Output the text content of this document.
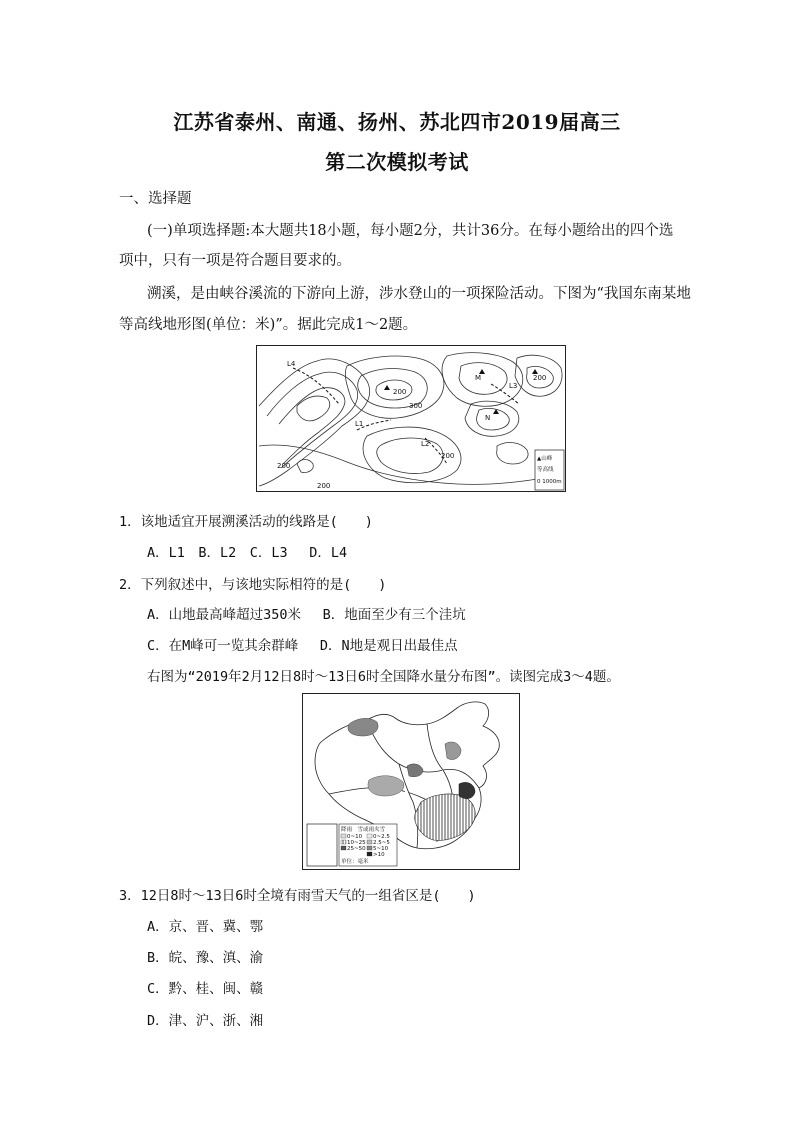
江苏省泰州、南通、扬州、苏北四市2019届高三
第二次模拟考试
一、选择题
(一)单项选择题:本大题共18小题，每小题2分，共计36分。在每小题给出的四个选
项中，只有一项是符合题目要求的。
溯溪，是由峡谷溪流的下游向上游，涉水登山的一项探险活动。下图为“我国东南某地
等高线地形图(单位：米)”。据此完成1～2题。
L4
L1
L2
L3
M
N
200
200
200
200
200
300
▲山峰
等高线
0 1000m
1．该地适宜开展溯溪活动的线路是(　　)
A．L1　B．L2　C．L3　 D．L4
2．下列叙述中，与该地实际相符的是(　　)
A．山地最高峰超过350米　 B．地面至少有三个洼坑
C．在M峰可一览其余群峰　 D．N地是观日出最佳点
右图为“2019年2月12日8时～13日6时全国降水量分布图”。读图完成3～4题。
降雨　雪或雨夹雪
0~10
10~25
25~50
0~2.5
2.5~5
5~10
>10
单位：毫米
3．12日8时～13日6时全境有雨雪天气的一组省区是(　　)
A．京、晋、冀、鄂
B．皖、豫、滇、渝
C．黔、桂、闽、赣
D．津、沪、浙、湘
